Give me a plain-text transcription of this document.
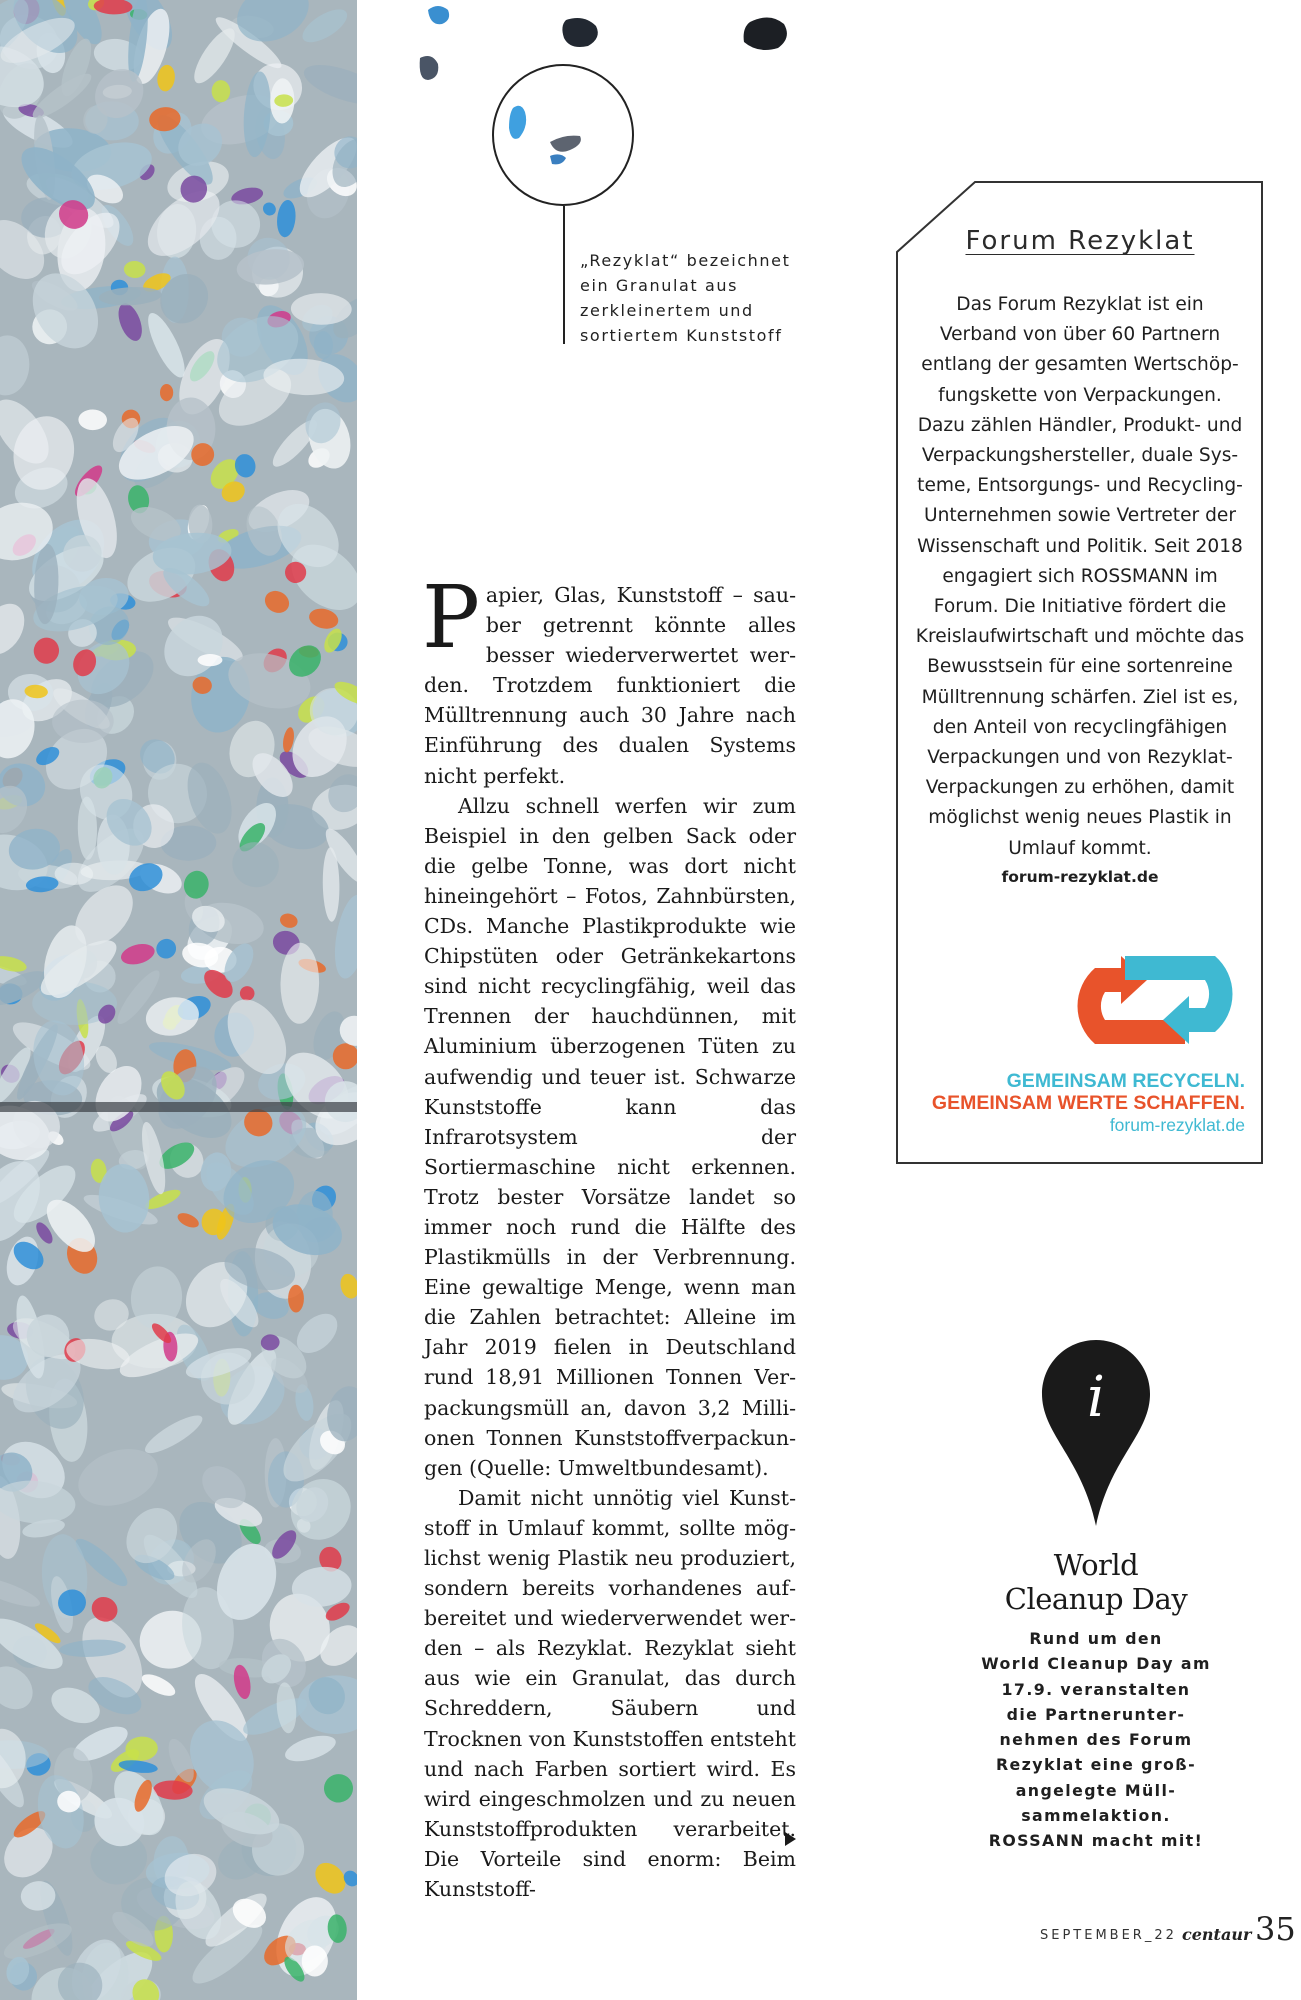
„Rezyklat“ bezeichnet
ein Granulat aus
zerkleinertem und
sortiertem Kunststoff

Papier, Glas, Kunststoff – sauber getrennt könnte alles besser wiederverwertet werden. Trotzdem funktioniert die Mülltrennung auch 30 Jahre nach Einführung des dualen Systems nicht perfekt.

Allzu schnell werfen wir zum Beispiel in den gelben Sack oder die gelbe Tonne, was dort nicht hineingehört – Fotos, Zahnbürsten, CDs. Manche Plastikprodukte wie Chipstüten oder Getränkekartons sind nicht recyclingfähig, weil das Trennen der hauchdünnen, mit Aluminium überzogenen Tüten zu aufwendig und teuer ist. Schwarze Kunststoffe kann das Infrarotsystem der Sortiermaschine nicht erkennen. Trotz bester Vorsätze landet so immer noch rund die Hälfte des Plastikmülls in der Verbrennung. Eine gewaltige Menge, wenn man die Zahlen betrachtet: Alleine im Jahr 2019 fielen in Deutschland rund 18,91 Millionen Tonnen Verpackungsmüll an, davon 3,2 Millionen Tonnen Kunststoffverpackungen (Quelle: Umweltbundesamt).

Damit nicht unnötig viel Kunststoff in Umlauf kommt, sollte möglichst wenig Plastik neu produziert, sondern bereits vorhandenes aufbereitet und wiederverwendet werden – als Rezyklat. Rezyklat sieht aus wie ein Granulat, das durch Schreddern, Säubern und Trocknen von Kunststoffen entsteht und nach Farben sortiert wird. Es wird eingeschmolzen und zu neuen Kunststoffprodukten verarbeitet. Die Vorteile sind enorm: Beim Kunststoff-

Forum Rezyklat
Das Forum Rezyklat ist ein Verband von über 60 Partnern entlang der gesamten Wertschöpfungskette von Verpackungen. Dazu zählen Händler, Produkt- und Verpackungshersteller, duale Systeme, Entsorgungs- und Recycling-Unternehmen sowie Vertreter der Wissenschaft und Politik. Seit 2018 engagiert sich ROSSMANN im Forum. Die Initiative fördert die Kreislaufwirtschaft und möchte das Bewusstsein für eine sortenreine Mülltrennung schärfen. Ziel ist es, den Anteil von recyclingfähigen Verpackungen und von Rezyklat-Verpackungen zu erhöhen, damit möglichst wenig neues Plastik in Umlauf kommt.
forum-rezyklat.de
GEMEINSAM RECYCELN.
GEMEINSAM WERTE SCHAFFEN.
forum-rezyklat.de
i
World
Cleanup Day
Rund um den
World Cleanup Day am
17.9. veranstalten
die Partnerunter-
nehmen des Forum
Rezyklat eine groß-
angelegte Müll-
sammelaktion.
ROSSANN macht mit!
SEPTEMBER_22 centaur 35
